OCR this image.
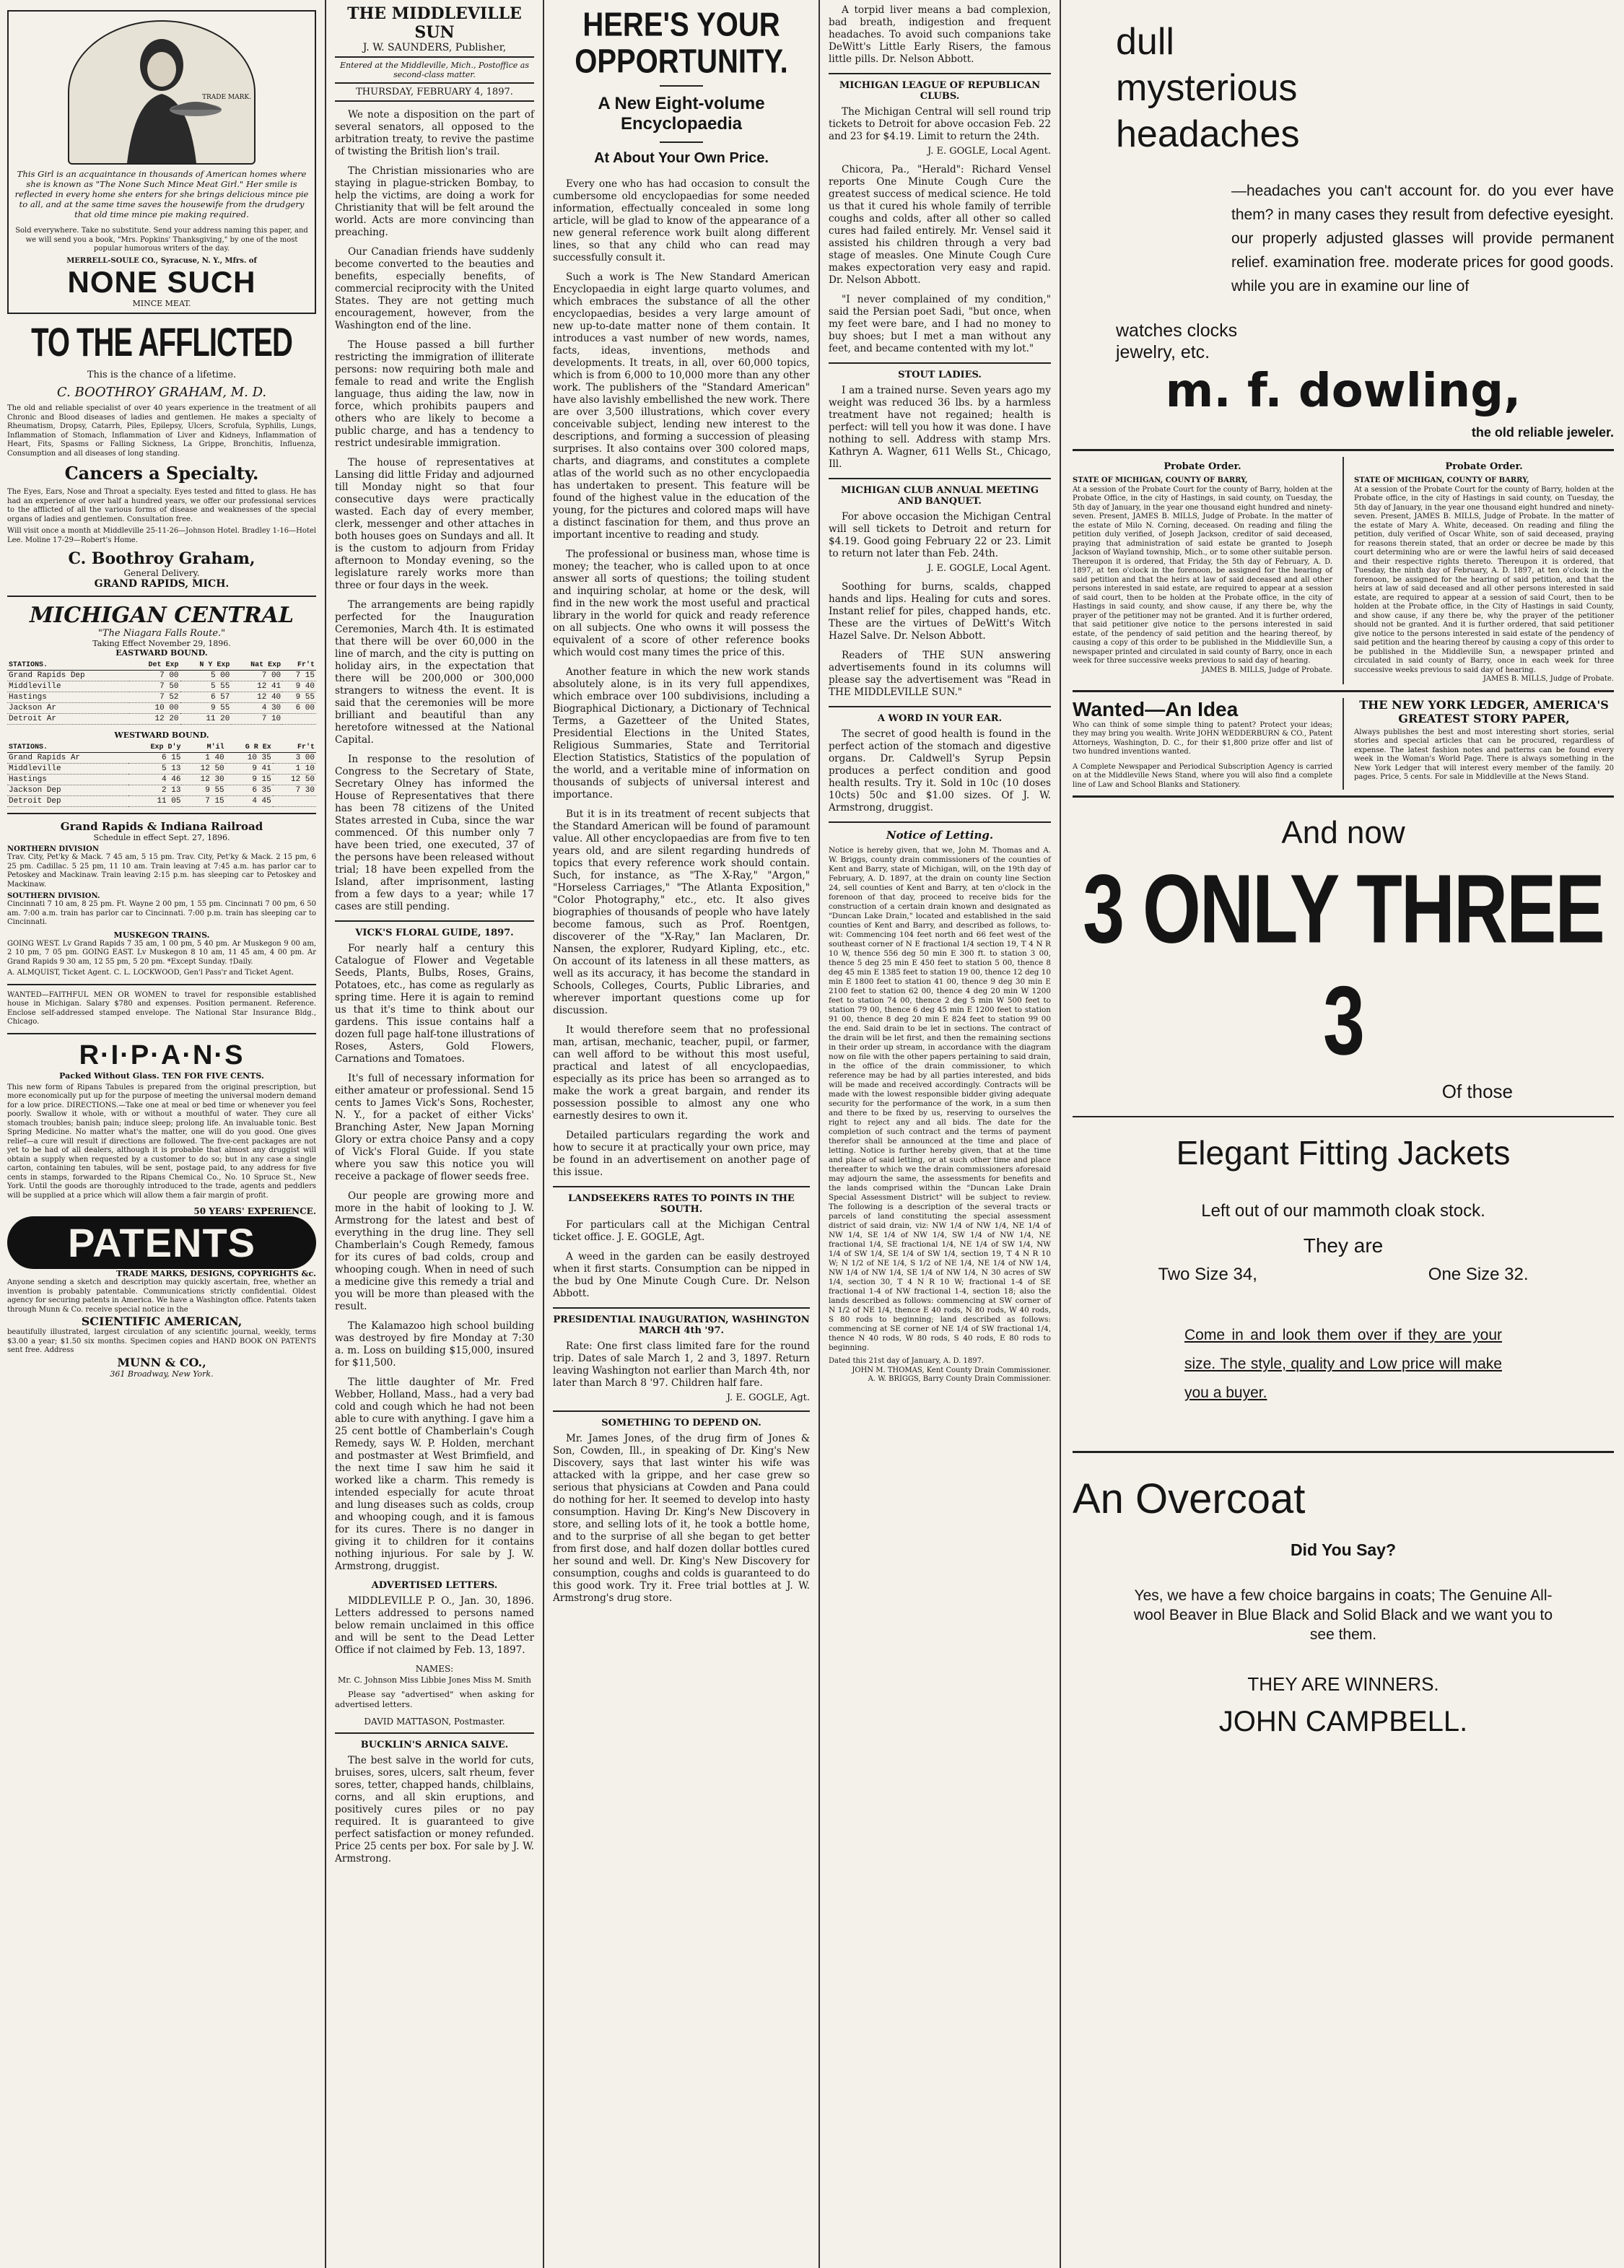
TRADE MARK.

This Girl is an acquaintance in thousands of American homes where she is known as "The None Such Mince Meat Girl." Her smile is reflected in every home she enters for she brings delicious mince pie to all, and at the same time saves the housewife from the drudgery that old time mince pie making required.

Sold everywhere. Take no substitute. Send your address naming this paper, and we will send you a book, "Mrs. Popkins' Thanksgiving," by one of the most popular humorous writers of the day.
MERRELL-SOULE CO., Syracuse, N. Y., Mfrs. of
NONE SUCH
MINCE MEAT.
TO THE AFFLICTED
This is the chance of a lifetime.
C. BOOTHROY GRAHAM, M. D.
The old and reliable specialist of over 40 years experience in the treatment of all Chronic and Blood diseases of ladies and gentlemen. He makes a specialty of Rheumatism, Dropsy, Catarrh, Piles, Epilepsy, Ulcers, Scrofula, Syphilis, Lungs, Inflammation of Stomach, Inflammation of Liver and Kidneys, Inflammation of Heart, Fits, Spasms or Falling Sickness, La Grippe, Bronchitis, Influenza, Consumption and all diseases of long standing.
Cancers a Specialty.
The Eyes, Ears, Nose and Throat a specialty. Eyes tested and fitted to glass. He has had an experience of over half a hundred years, we offer our professional services to the afflicted of all the various forms of disease and weaknesses of the special organs of ladies and gentlemen. Consultation free.
Will visit once a month at Middleville 25-11-26—Johnson Hotel. Bradley 1-16—Hotel Lee. Moline 17-29—Robert's Home.
C. Boothroy Graham,
General Delivery.
GRAND RAPIDS, MICH.
MICHIGAN CENTRAL
"The Niagara Falls Route."
Taking Effect November 29, 1896.
EASTWARD BOUND.
STATIONS.	Det Exp	N Y Exp	Nat Exp	Fr't
Grand Rapids Dep	7 00	5 00	7 00	7 15
Middleville	7 50	5 55	12 41	9 40
Hastings	7 52	6 57	12 40	9 55
Jackson Ar	10 00	9 55	4 30	6 00
Detroit Ar	12 20	11 20	7 10	
WESTWARD BOUND.
STATIONS.	Exp D'y	M'il	G R Ex	Fr't
Grand Rapids Ar	6 15	1 40	10 35	3 00
Middleville	5 13	12 50	9 41	1 10
Hastings	4 46	12 30	9 15	12 50
Jackson Dep	2 13	9 55	6 35	7 30
Detroit Dep	11 05	7 15	4 45	
Grand Rapids & Indiana Railroad
Schedule in effect Sept. 27, 1896.
NORTHERN DIVISION
Trav. City, Pet'ky & Mack. 7 45 am, 5 15 pm. Trav. City, Pet'ky & Mack. 2 15 pm, 6 25 pm. Cadillac. 5 25 pm, 11 10 am. Train leaving at 7:45 a.m. has parlor car to Petoskey and Mackinaw. Train leaving 2:15 p.m. has sleeping car to Petoskey and Mackinaw.
SOUTHERN DIVISION.
Cincinnati 7 10 am, 8 25 pm. Ft. Wayne 2 00 pm, 1 55 pm. Cincinnati 7 00 pm, 6 50 am. 7:00 a.m. train has parlor car to Cincinnati. 7:00 p.m. train has sleeping car to Cincinnati.
MUSKEGON TRAINS.
GOING WEST. Lv Grand Rapids 7 35 am, 1 00 pm, 5 40 pm. Ar Muskegon 9 00 am, 2 10 pm, 7 05 pm. GOING EAST. Lv Muskegon 8 10 am, 11 45 am, 4 00 pm. Ar Grand Rapids 9 30 am, 12 55 pm, 5 20 pm. *Except Sunday. †Daily.
A. ALMQUIST, Ticket Agent. C. L. LOCKWOOD, Gen'l Pass'r and Ticket Agent.
WANTED—FAITHFUL MEN OR WOMEN to travel for responsible established house in Michigan. Salary $780 and expenses. Position permanent. Reference. Enclose self-addressed stamped envelope. The National Star Insurance Bldg., Chicago.
R·I·P·A·N·S
Packed Without Glass. TEN FOR FIVE CENTS.
This new form of Ripans Tabules is prepared from the original prescription, but more economically put up for the purpose of meeting the universal modern demand for a low price. DIRECTIONS.—Take one at meal or bed time or whenever you feel poorly. Swallow it whole, with or without a mouthful of water. They cure all stomach troubles; banish pain; induce sleep; prolong life. An invaluable tonic. Best Spring Medicine. No matter what's the matter, one will do you good. One gives relief—a cure will result if directions are followed. The five-cent packages are not yet to be had of all dealers, although it is probable that almost any druggist will obtain a supply when requested by a customer to do so; but in any case a single carton, containing ten tabules, will be sent, postage paid, to any address for five cents in stamps, forwarded to the Ripans Chemical Co., No. 10 Spruce St., New York. Until the goods are thoroughly introduced to the trade, agents and peddlers will be supplied at a price which will allow them a fair margin of profit.
50 YEARS' EXPERIENCE.
PATENTS
TRADE MARKS, DESIGNS, COPYRIGHTS &c.
Anyone sending a sketch and description may quickly ascertain, free, whether an invention is probably patentable. Communications strictly confidential. Oldest agency for securing patents in America. We have a Washington office. Patents taken through Munn & Co. receive special notice in the
SCIENTIFIC AMERICAN,
beautifully illustrated, largest circulation of any scientific journal, weekly, terms $3.00 a year; $1.50 six months. Specimen copies and HAND BOOK ON PATENTS sent free. Address
MUNN & CO.,
361 Broadway, New York.
THE MIDDLEVILLE SUN
J. W. SAUNDERS, Publisher,
Entered at the Middleville, Mich., Postoffice as second-class matter.
THURSDAY, FEBRUARY 4, 1897.

We note a disposition on the part of several senators, all opposed to the arbitration treaty, to revive the pastime of twisting the British lion's trail.

The Christian missionaries who are staying in plague-stricken Bombay, to help the victims, are doing a work for Christianity that will be felt around the world. Acts are more convincing than preaching.

Our Canadian friends have suddenly become converted to the beauties and benefits, especially benefits, of commercial reciprocity with the United States. They are not getting much encouragement, however, from the Washington end of the line.

The House passed a bill further restricting the immigration of illiterate persons: now requiring both male and female to read and write the English language, thus aiding the law, now in force, which prohibits paupers and others who are likely to become a public charge, and has a tendency to restrict undesirable immigration.

The house of representatives at Lansing did little Friday and adjourned till Monday night so that four consecutive days were practically wasted. Each day of every member, clerk, messenger and other attaches in both houses goes on Sundays and all. It is the custom to adjourn from Friday afternoon to Monday evening, so the legislature rarely works more than three or four days in the week.

The arrangements are being rapidly perfected for the Inauguration Ceremonies, March 4th. It is estimated that there will be over 60,000 in the line of march, and the city is putting on holiday airs, in the expectation that there will be 200,000 or 300,000 strangers to witness the event. It is said that the ceremonies will be more brilliant and beautiful than any heretofore witnessed at the National Capital.

In response to the resolution of Congress to the Secretary of State, Secretary Olney has informed the House of Representatives that there has been 78 citizens of the United States arrested in Cuba, since the war commenced. Of this number only 7 have been tried, one executed, 37 of the persons have been released without trial; 18 have been expelled from the Island, after imprisonment, lasting from a few days to a year; while 17 cases are still pending.

VICK'S FLORAL GUIDE, 1897.

For nearly half a century this Catalogue of Flower and Vegetable Seeds, Plants, Bulbs, Roses, Grains, Potatoes, etc., has come as regularly as spring time. Here it is again to remind us that it's time to think about our gardens. This issue contains half a dozen full page half-tone illustrations of Roses, Asters, Gold Flowers, Carnations and Tomatoes.

It's full of necessary information for either amateur or professional. Send 15 cents to James Vick's Sons, Rochester, N. Y., for a packet of either Vicks' Branching Aster, New Japan Morning Glory or extra choice Pansy and a copy of Vick's Floral Guide. If you state where you saw this notice you will receive a package of flower seeds free.

Our people are growing more and more in the habit of looking to J. W. Armstrong for the latest and best of everything in the drug line. They sell Chamberlain's Cough Remedy, famous for its cures of bad colds, croup and whooping cough. When in need of such a medicine give this remedy a trial and you will be more than pleased with the result.

The Kalamazoo high school building was destroyed by fire Monday at 7:30 a. m. Loss on building $15,000, insured for $11,500.

The little daughter of Mr. Fred Webber, Holland, Mass., had a very bad cold and cough which he had not been able to cure with anything. I gave him a 25 cent bottle of Chamberlain's Cough Remedy, says W. P. Holden, merchant and postmaster at West Brimfield, and the next time I saw him he said it worked like a charm. This remedy is intended especially for acute throat and lung diseases such as colds, croup and whooping cough, and it is famous for its cures. There is no danger in giving it to children for it contains nothing injurious. For sale by J. W. Armstrong, druggist.

ADVERTISED LETTERS.

MIDDLEVILLE P. O., Jan. 30, 1896. Letters addressed to persons named below remain unclaimed in this office and will be sent to the Dead Letter Office if not claimed by Feb. 13, 1897.

NAMES:
Mr. C. Johnson Miss Libbie Jones Miss M. Smith

Please say "advertised" when asking for advertised letters.

DAVID MATTASON, Postmaster.
BUCKLIN'S ARNICA SALVE.

The best salve in the world for cuts, bruises, sores, ulcers, salt rheum, fever sores, tetter, chapped hands, chilblains, corns, and all skin eruptions, and positively cures piles or no pay required. It is guaranteed to give perfect satisfaction or money refunded. Price 25 cents per box. For sale by J. W. Armstrong.

HERE'S YOUR OPPORTUNITY.
A New Eight-volume Encyclopaedia
At About Your Own Price.

Every one who has had occasion to consult the cumbersome old encyclopaedias for some needed information, effectually concealed in some long article, will be glad to know of the appearance of a new general reference work built along different lines, so that any child who can read may successfully consult it.

Such a work is The New Standard American Encyclopaedia in eight large quarto volumes, and which embraces the substance of all the other encyclopaedias, besides a very large amount of new up-to-date matter none of them contain. It introduces a vast number of new words, names, facts, ideas, inventions, methods and developments. It treats, in all, over 60,000 topics, which is from 6,000 to 10,000 more than any other work. The publishers of the "Standard American" have also lavishly embellished the new work. There are over 3,500 illustrations, which cover every conceivable subject, lending new interest to the descriptions, and forming a succession of pleasing surprises. It also contains over 300 colored maps, charts, and diagrams, and constitutes a complete atlas of the world such as no other encyclopaedia has undertaken to present. This feature will be found of the highest value in the education of the young, for the pictures and colored maps will have a distinct fascination for them, and thus prove an important incentive to reading and study.

The professional or business man, whose time is money; the teacher, who is called upon to at once answer all sorts of questions; the toiling student and inquiring scholar, at home or the desk, will find in the new work the most useful and practical library in the world for quick and ready reference on all subjects. One who owns it will possess the equivalent of a score of other reference books which would cost many times the price of this.

Another feature in which the new work stands absolutely alone, is in its very full appendixes, which embrace over 100 subdivisions, including a Biographical Dictionary, a Dictionary of Technical Terms, a Gazetteer of the United States, Presidential Elections in the United States, Religious Summaries, State and Territorial Election Statistics, Statistics of the population of the world, and a veritable mine of information on thousands of subjects of universal interest and importance.

But it is in its treatment of recent subjects that the Standard American will be found of paramount value. All other encyclopaedias are from five to ten years old, and are silent regarding hundreds of topics that every reference work should contain. Such, for instance, as "The X-Ray," "Argon," "Horseless Carriages," "The Atlanta Exposition," "Color Photography," etc., etc. It also gives biographies of thousands of people who have lately become famous, such as Prof. Roentgen, discoverer of the "X-Ray," Ian Maclaren, Dr. Nansen, the explorer, Rudyard Kipling, etc., etc. On account of its lateness in all these matters, as well as its accuracy, it has become the standard in Schools, Colleges, Courts, Public Libraries, and wherever important questions come up for discussion.

It would therefore seem that no professional man, artisan, mechanic, teacher, pupil, or farmer, can well afford to be without this most useful, practical and latest of all encyclopaedias, especially as its price has been so arranged as to make the work a great bargain, and render its possession possible to almost any one who earnestly desires to own it.

Detailed particulars regarding the work and how to secure it at practically your own price, may be found in an advertisement on another page of this issue.

LANDSEEKERS RATES TO POINTS IN THE SOUTH.

For particulars call at the Michigan Central ticket office. J. E. GOGLE, Agt.

A weed in the garden can be easily destroyed when it first starts. Consumption can be nipped in the bud by One Minute Cough Cure. Dr. Nelson Abbott.

PRESIDENTIAL INAUGURATION, WASHINGTON MARCH 4th '97.

Rate: One first class limited fare for the round trip. Dates of sale March 1, 2 and 3, 1897. Return leaving Washington not earlier than March 4th, nor later than March 8 '97. Children half fare.

J. E. GOGLE, Agt.
SOMETHING TO DEPEND ON.

Mr. James Jones, of the drug firm of Jones & Son, Cowden, Ill., in speaking of Dr. King's New Discovery, says that last winter his wife was attacked with la grippe, and her case grew so serious that physicians at Cowden and Pana could do nothing for her. It seemed to develop into hasty consumption. Having Dr. King's New Discovery in store, and selling lots of it, he took a bottle home, and to the surprise of all she began to get better from first dose, and half dozen dollar bottles cured her sound and well. Dr. King's New Discovery for consumption, coughs and colds is guaranteed to do this good work. Try it. Free trial bottles at J. W. Armstrong's drug store.

A torpid liver means a bad complexion, bad breath, indigestion and frequent headaches. To avoid such companions take DeWitt's Little Early Risers, the famous little pills. Dr. Nelson Abbott.

MICHIGAN LEAGUE OF REPUBLICAN CLUBS.

The Michigan Central will sell round trip tickets to Detroit for above occasion Feb. 22 and 23 for $4.19. Limit to return the 24th.

J. E. GOGLE, Local Agent.

Chicora, Pa., "Herald": Richard Vensel reports One Minute Cough Cure the greatest success of medical science. He told us that it cured his whole family of terrible coughs and colds, after all other so called cures had failed entirely. Mr. Vensel said it assisted his children through a very bad stage of measles. One Minute Cough Cure makes expectoration very easy and rapid. Dr. Nelson Abbott.

"I never complained of my condition," said the Persian poet Sadi, "but once, when my feet were bare, and I had no money to buy shoes; but I met a man without any feet, and became contented with my lot."

STOUT LADIES.

I am a trained nurse. Seven years ago my weight was reduced 36 lbs. by a harmless treatment have not regained; health is perfect: will tell you how it was done. I have nothing to sell. Address with stamp Mrs. Kathryn A. Wagner, 611 Wells St., Chicago, Ill.

MICHIGAN CLUB ANNUAL MEETING AND BANQUET.

For above occasion the Michigan Central will sell tickets to Detroit and return for $4.19. Good going February 22 or 23. Limit to return not later than Feb. 24th.

J. E. GOGLE, Local Agent.

Soothing for burns, scalds, chapped hands and lips. Healing for cuts and sores. Instant relief for piles, chapped hands, etc. These are the virtues of DeWitt's Witch Hazel Salve. Dr. Nelson Abbott.

Readers of THE SUN answering advertisements found in its columns will please say the advertisement was "Read in THE MIDDLEVILLE SUN."

A WORD IN YOUR EAR.

The secret of good health is found in the perfect action of the stomach and digestive organs. Dr. Caldwell's Syrup Pepsin produces a perfect condition and good health results. Try it. Sold in 10c (10 doses 10cts) 50c and $1.00 sizes. Of J. W. Armstrong, druggist.

Notice of Letting.
Notice is hereby given, that we, John M. Thomas and A. W. Briggs, county drain commissioners of the counties of Kent and Barry, state of Michigan, will, on the 19th day of February, A. D. 1897, at the drain on county line Section 24, sell counties of Kent and Barry, at ten o'clock in the forenoon of that day, proceed to receive bids for the construction of a certain drain known and designated as "Duncan Lake Drain," located and established in the said counties of Kent and Barry, and described as follows, to-wit: Commencing 104 feet north and 66 feet west of the southeast corner of N E fractional 1/4 section 19, T 4 N R 10 W, thence 556 deg 50 min E 300 ft. to station 3 00, thence 5 deg 25 min E 450 feet to station 5 00, thence 8 deg 45 min E 1385 feet to station 19 00, thence 12 deg 10 min E 1800 feet to station 41 00, thence 9 deg 30 min E 2100 feet to station 62 00, thence 4 deg 20 min W 1200 feet to station 74 00, thence 2 deg 5 min W 500 feet to station 79 00, thence 6 deg 45 min E 1200 feet to station 91 00, thence 8 deg 20 min E 824 feet to station 99 00 the end. Said drain to be let in sections. The contract of the drain will be let first, and then the remaining sections in their order up stream, in accordance with the diagram now on file with the other papers pertaining to said drain, in the office of the drain commissioner, to which reference may be had by all parties interested, and bids will be made and received accordingly. Contracts will be made with the lowest responsible bidder giving adequate security for the performance of the work, in a sum then and there to be fixed by us, reserving to ourselves the right to reject any and all bids. The date for the completion of such contract and the terms of payment therefor shall be announced at the time and place of letting. Notice is further hereby given, that at the time and place of said letting, or at such other time and place thereafter to which we the drain commissioners aforesaid may adjourn the same, the assessments for benefits and the lands comprised within the "Duncan Lake Drain Special Assessment District" will be subject to review. The following is a description of the several tracts or parcels of land constituting the special assessment district of said drain, viz: NW 1/4 of NW 1/4, NE 1/4 of NW 1/4, SE 1/4 of NW 1/4, SW 1/4 of NW 1/4, NE fractional 1/4, SE fractional 1/4, NE 1/4 of SW 1/4, NW 1/4 of SW 1/4, SE 1/4 of SW 1/4, section 19, T 4 N R 10 W; N 1/2 of NE 1/4, S 1/2 of NE 1/4, NE 1/4 of NW 1/4, NW 1/4 of NW 1/4, SE 1/4 of NW 1/4, N 30 acres of SW 1/4, section 30, T 4 N R 10 W; fractional 1-4 of SE fractional 1-4 of NW fractional 1-4, section 18; also the lands described as follows: commencing at SW corner of N 1/2 of NE 1/4, thence E 40 rods, N 80 rods, W 40 rods, S 80 rods to beginning; land described as follows: commencing at SE corner of NE 1/4 of SW fractional 1/4, thence N 40 rods, W 80 rods, S 40 rods, E 80 rods to beginning.
Dated this 21st day of January, A. D. 1897.
JOHN M. THOMAS, Kent County Drain Commissioner.
A. W. BRIGGS, Barry County Drain Commissioner.
dull mysterious headaches
—headaches you can't account for. do you ever have them? in many cases they result from defective eyesight. our properly adjusted glasses will provide permanent relief. examination free. moderate prices for good goods. while you are in examine our line of
watches clocks jewelry, etc.
m. f. dowling,
the old reliable jeweler.
Probate Order.
STATE OF MICHIGAN, COUNTY OF BARRY,
At a session of the Probate Court for the county of Barry, holden at the Probate Office, in the city of Hastings, in said county, on Tuesday, the 5th day of January, in the year one thousand eight hundred and ninety-seven. Present, JAMES B. MILLS, Judge of Probate. In the matter of the estate of Milo N. Corning, deceased. On reading and filing the petition duly verified, of Joseph Jackson, creditor of said deceased, praying that administration of said estate be granted to Joseph Jackson of Wayland township, Mich., or to some other suitable person. Thereupon it is ordered, that Friday, the 5th day of February, A. D. 1897, at ten o'clock in the forenoon, be assigned for the hearing of said petition and that the heirs at law of said deceased and all other persons interested in said estate, are required to appear at a session of said court, then to be holden at the Probate office, in the city of Hastings in said county, and show cause, if any there be, why the prayer of the petitioner may not be granted. And it is further ordered, that said petitioner give notice to the persons interested in said estate, of the pendency of said petition and the hearing thereof, by causing a copy of this order to be published in the Middleville Sun, a newspaper printed and circulated in said county of Barry, once in each week for three successive weeks previous to said day of hearing.
JAMES B. MILLS, Judge of Probate.
Probate Order.
STATE OF MICHIGAN, COUNTY OF BARRY,
At a session of the Probate Court for the county of Barry, holden at the Probate office, in the city of Hastings in said county, on Tuesday, the 5th day of January, in the year one thousand eight hundred and ninety-seven. Present, JAMES B. MILLS, Judge of Probate. In the matter of the estate of Mary A. White, deceased. On reading and filing the petition, duly verified of Oscar White, son of said deceased, praying for reasons therein stated, that an order or decree be made by this court determining who are or were the lawful heirs of said deceased and their respective rights thereto. Thereupon it is ordered, that Tuesday, the ninth day of February, A. D. 1897, at ten o'clock in the forenoon, be assigned for the hearing of said petition, and that the heirs at law of said deceased and all other persons interested in said estate, are required to appear at a session of said Court, then to be holden at the Probate office, in the City of Hastings in said County, and show cause, if any there be, why the prayer of the petitioner should not be granted. And it is further ordered, that said petitioner give notice to the persons interested in said estate of the pendency of said petition and the hearing thereof by causing a copy of this order to be published in the Middleville Sun, a newspaper printed and circulated in said county of Barry, once in each week for three successive weeks previous to said day of hearing.
JAMES B. MILLS, Judge of Probate.
Wanted—An Idea
Who can think of some simple thing to patent? Protect your ideas; they may bring you wealth. Write JOHN WEDDERBURN & CO., Patent Attorneys, Washington, D. C., for their $1,800 prize offer and list of two hundred inventions wanted.
A Complete Newspaper and Periodical Subscription Agency is carried on at the Middleville News Stand, where you will also find a complete line of Law and School Blanks and Stationery.
THE NEW YORK LEDGER, AMERICA'S GREATEST STORY PAPER,
Always publishes the best and most interesting short stories, serial stories and special articles that can be procured, regardless of expense. The latest fashion notes and patterns can be found every week in the Woman's World Page. There is always something in the New York Ledger that will interest every member of the family. 20 pages. Price, 5 cents. For sale in Middleville at the News Stand.
And now
3 ONLY THREE 3
Of those
Elegant Fitting Jackets
Left out of our mammoth cloak stock.
They are
Two Size 34,	One Size 32.
Come in and look them over if they are your size. The style, quality and Low price will make you a buyer.
An Overcoat
Did You Say?
Yes, we have a few choice bargains in coats; The Genuine All-wool Beaver in Blue Black and Solid Black and we want you to see them.
THEY ARE WINNERS.
JOHN CAMPBELL.
